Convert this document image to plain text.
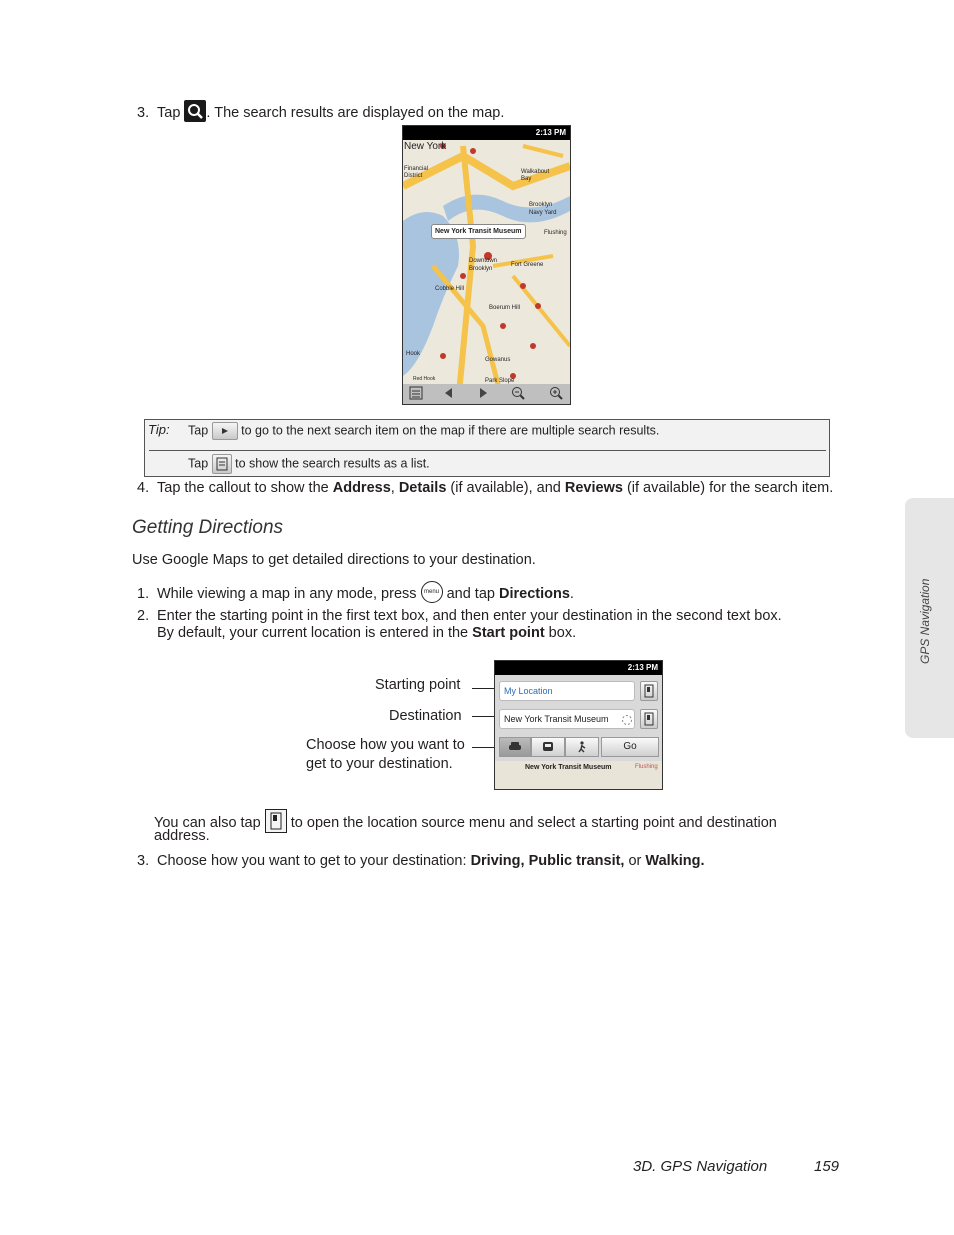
3. Tap . The search results are displayed on the map.
2:13 PM
New York
Financial District
Walkabout Bay
Brooklyn Navy Yard
Flushing
Downtown Brooklyn
Fort Greene
Cobble Hill
Boerum Hill
Gowanus
Park Slope
Red Hook
Hook
New York Transit Museum
Tip: Tap	to go to the next search item on the map if there are multiple search results.
Tap to show the search results as a list.
4. Tap the callout to show the Address, Details (if available), and Reviews (if available) for the search item.
Getting Directions
Use Google Maps to get detailed directions to your destination.
1. While viewing a map in any mode, press menu and tap Directions.
2. Enter the starting point in the first text box, and then enter your destination in the second text box.
By default, your current location is entered in the Start point box.
Starting point
Destination
Choose how you want to
get to your destination.
2:13 PM
My Location
New York Transit Museum
Go
New York Transit Museum	Flushing
You can also tap to open the location source menu and select a starting point and destination
address.
3. Choose how you want to get to your destination: Driving, Public transit, or Walking.
GPS Navigation
3D. GPS Navigation	159
